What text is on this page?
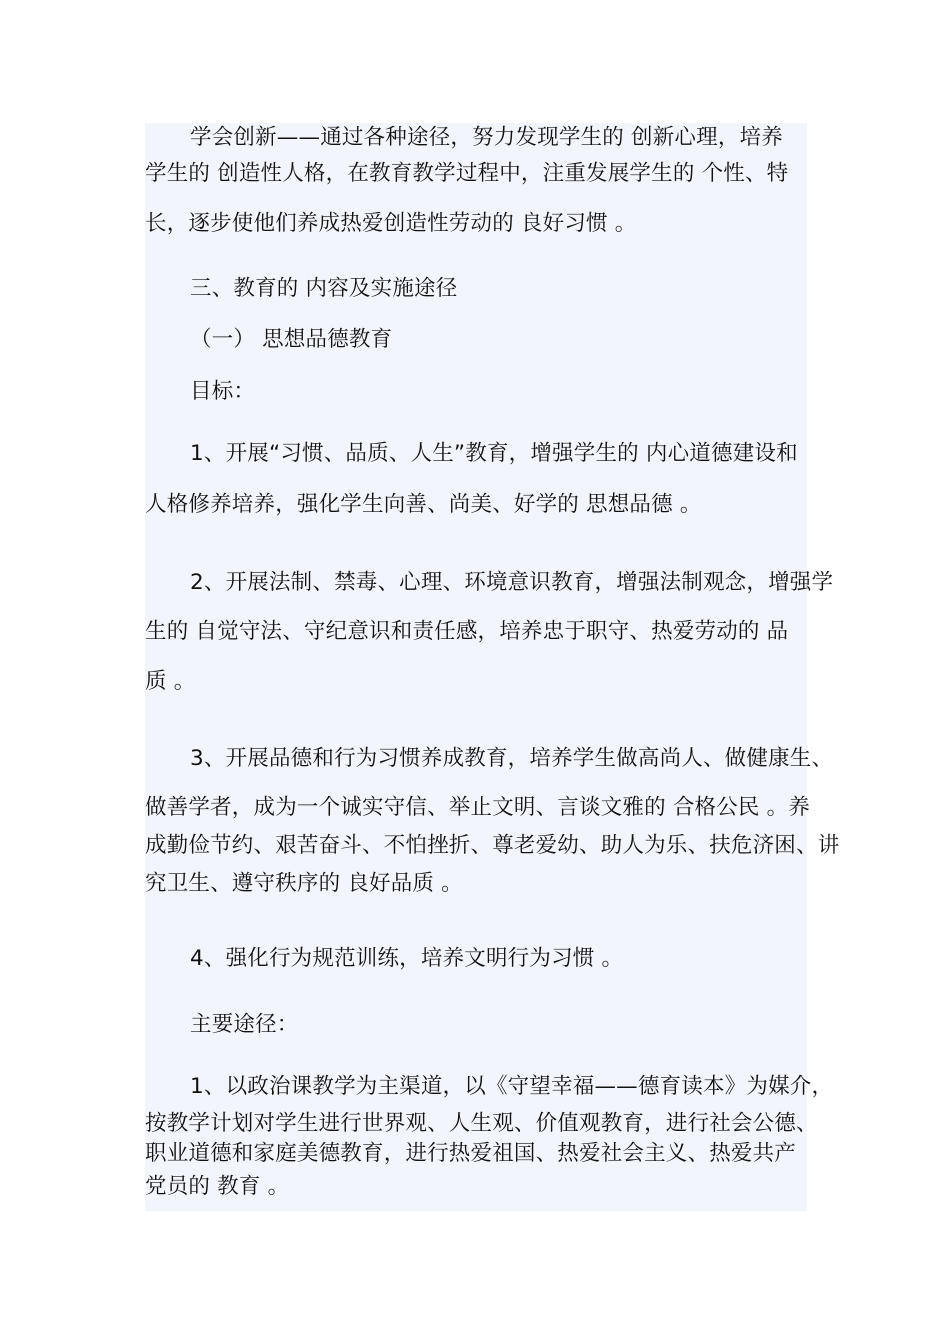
学会创新——通过各种途径，努力发现学生的 创新心理，培养
学生的 创造性人格，在教育教学过程中，注重发展学生的 个性、特
长，逐步使他们养成热爱创造性劳动的 良好习惯 。
三、教育的 内容及实施途径
（一） 思想品德教育
目标：
1、开展“习惯、品质、人生”教育，增强学生的 内心道德建设和
人格修养培养，强化学生向善、尚美、好学的 思想品德 。
2、开展法制、禁毒、心理、环境意识教育，增强法制观念，增强学
生的 自觉守法、守纪意识和责任感，培养忠于职守、热爱劳动的 品
质 。
3、开展品德和行为习惯养成教育，培养学生做高尚人、做健康生、
做善学者，成为一个诚实守信、举止文明、言谈文雅的 合格公民 。养
成勤俭节约、艰苦奋斗、不怕挫折、尊老爱幼、助人为乐、扶危济困、讲
究卫生、遵守秩序的 良好品质 。
4、强化行为规范训练，培养文明行为习惯 。
主要途径：
1、以政治课教学为主渠道，以《守望幸福——德育读本》为媒介，
按教学计划对学生进行世界观、人生观、价值观教育，进行社会公德、
职业道德和家庭美德教育，进行热爱祖国、热爱社会主义、热爱共产
党员的 教育 。
